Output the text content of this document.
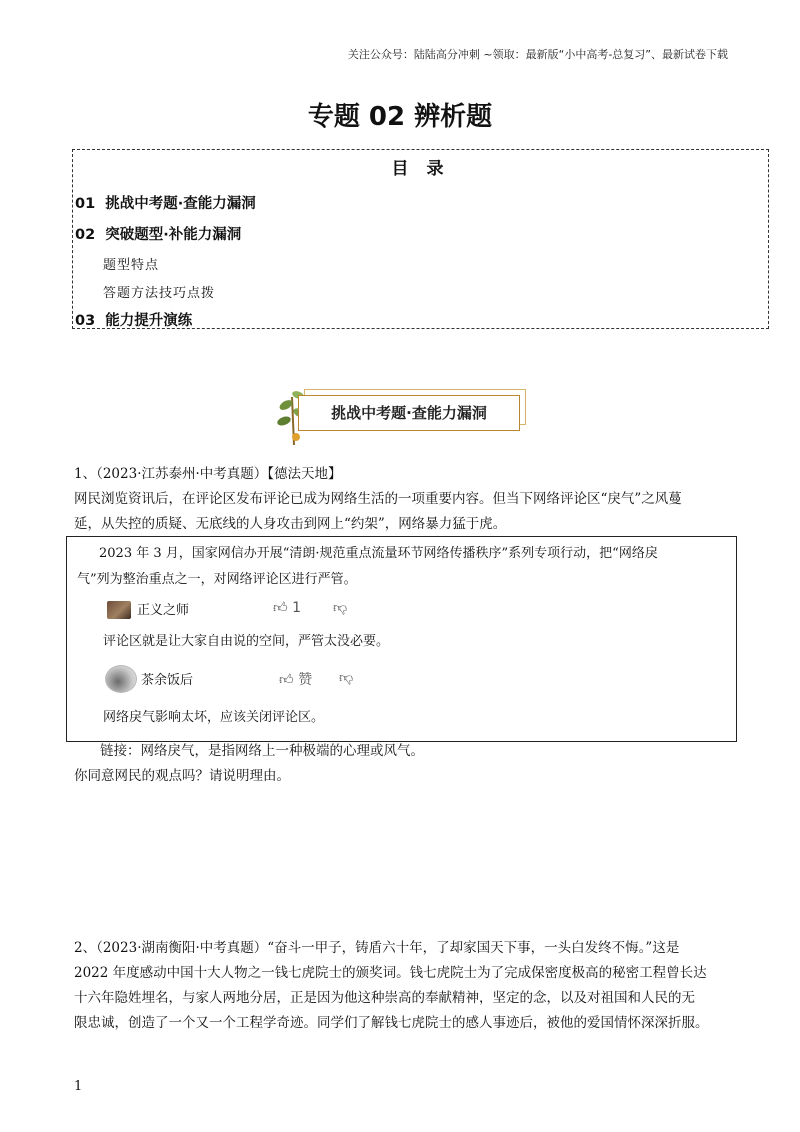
关注公众号：陆陆高分冲刺 ~领取：最新版“小中高考-总复习”、最新试卷下载
专题 02 辨析题
目 录
01 挑战中考题·查能力漏洞
02 突破题型·补能力漏洞
题型特点
答题方法技巧点拨
03 能力提升演练
挑战中考题·查能力漏洞
1、（2023·江苏泰州·中考真题）【德法天地】
网民浏览资讯后，在评论区发布评论已成为网络生活的一项重要内容。但当下网络评论区“戾气”之风蔓
延，从失控的质疑、无底线的人身攻击到网上“约架”，网络暴力猛于虎。
2023 年 3 月，国家网信办开展“清朗·规范重点流量环节网络传播秩序”系列专项行动，把“网络戾
气”列为整治重点之一，对网络评论区进行严管。
正义之师	👍︎ 1 👎︎
评论区就是让大家自由说的空间，严管太没必要。
茶余饭后	👍︎ 赞 👎︎
网络戾气影响太坏，应该关闭评论区。
链接：网络戾气，是指网络上一种极端的心理或风气。
你同意网民的观点吗？请说明理由。
2、（2023·湖南衡阳·中考真题）“奋斗一甲子，铸盾六十年，了却家国天下事，一头白发终不悔。”这是
2022 年度感动中国十大人物之一钱七虎院士的颁奖词。钱七虎院士为了完成保密度极高的秘密工程曾长达
十六年隐姓埋名，与家人两地分居，正是因为他这种崇高的奉献精神，坚定的念，以及对祖国和人民的无
限忠诚，创造了一个又一个工程学奇迹。同学们了解钱七虎院士的感人事迹后，被他的爱国情怀深深折服。
1
